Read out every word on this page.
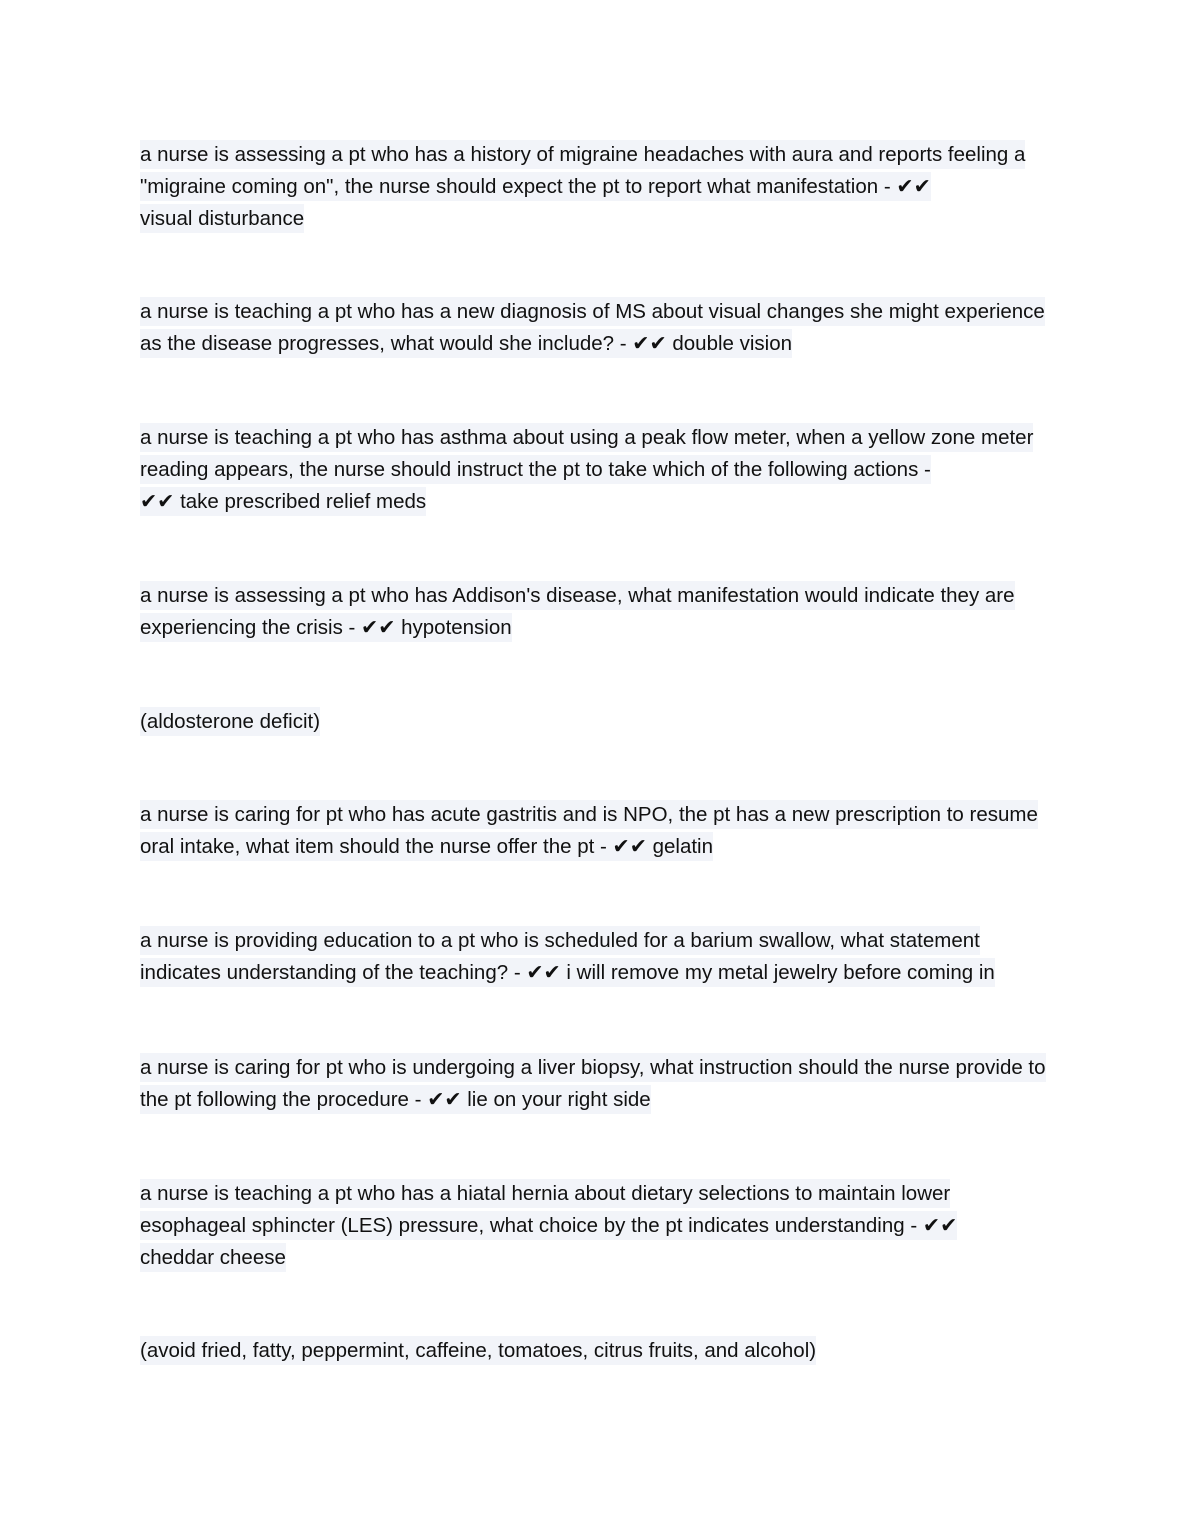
a nurse is assessing a pt who has a history of migraine headaches with aura and reports feeling a "migraine coming on", the nurse should expect the pt to report what manifestation - ✔✔
visual disturbance

a nurse is teaching a pt who has a new diagnosis of MS about visual changes she might experience as the disease progresses, what would she include? - ✔✔ double vision

a nurse is teaching a pt who has asthma about using a peak flow meter, when a yellow zone meter reading appears, the nurse should instruct the pt to take which of the following actions -
✔✔ take prescribed relief meds

a nurse is assessing a pt who has Addison's disease, what manifestation would indicate they are experiencing the crisis - ✔✔ hypotension

(aldosterone deficit)

a nurse is caring for pt who has acute gastritis and is NPO, the pt has a new prescription to resume oral intake, what item should the nurse offer the pt - ✔✔ gelatin

a nurse is providing education to a pt who is scheduled for a barium swallow, what statement indicates understanding of the teaching? - ✔✔ i will remove my metal jewelry before coming in

a nurse is caring for pt who is undergoing a liver biopsy, what instruction should the nurse provide to the pt following the procedure - ✔✔ lie on your right side

a nurse is teaching a pt who has a hiatal hernia about dietary selections to maintain lower esophageal sphincter (LES) pressure, what choice by the pt indicates understanding - ✔✔
cheddar cheese

(avoid fried, fatty, peppermint, caffeine, tomatoes, citrus fruits, and alcohol)
